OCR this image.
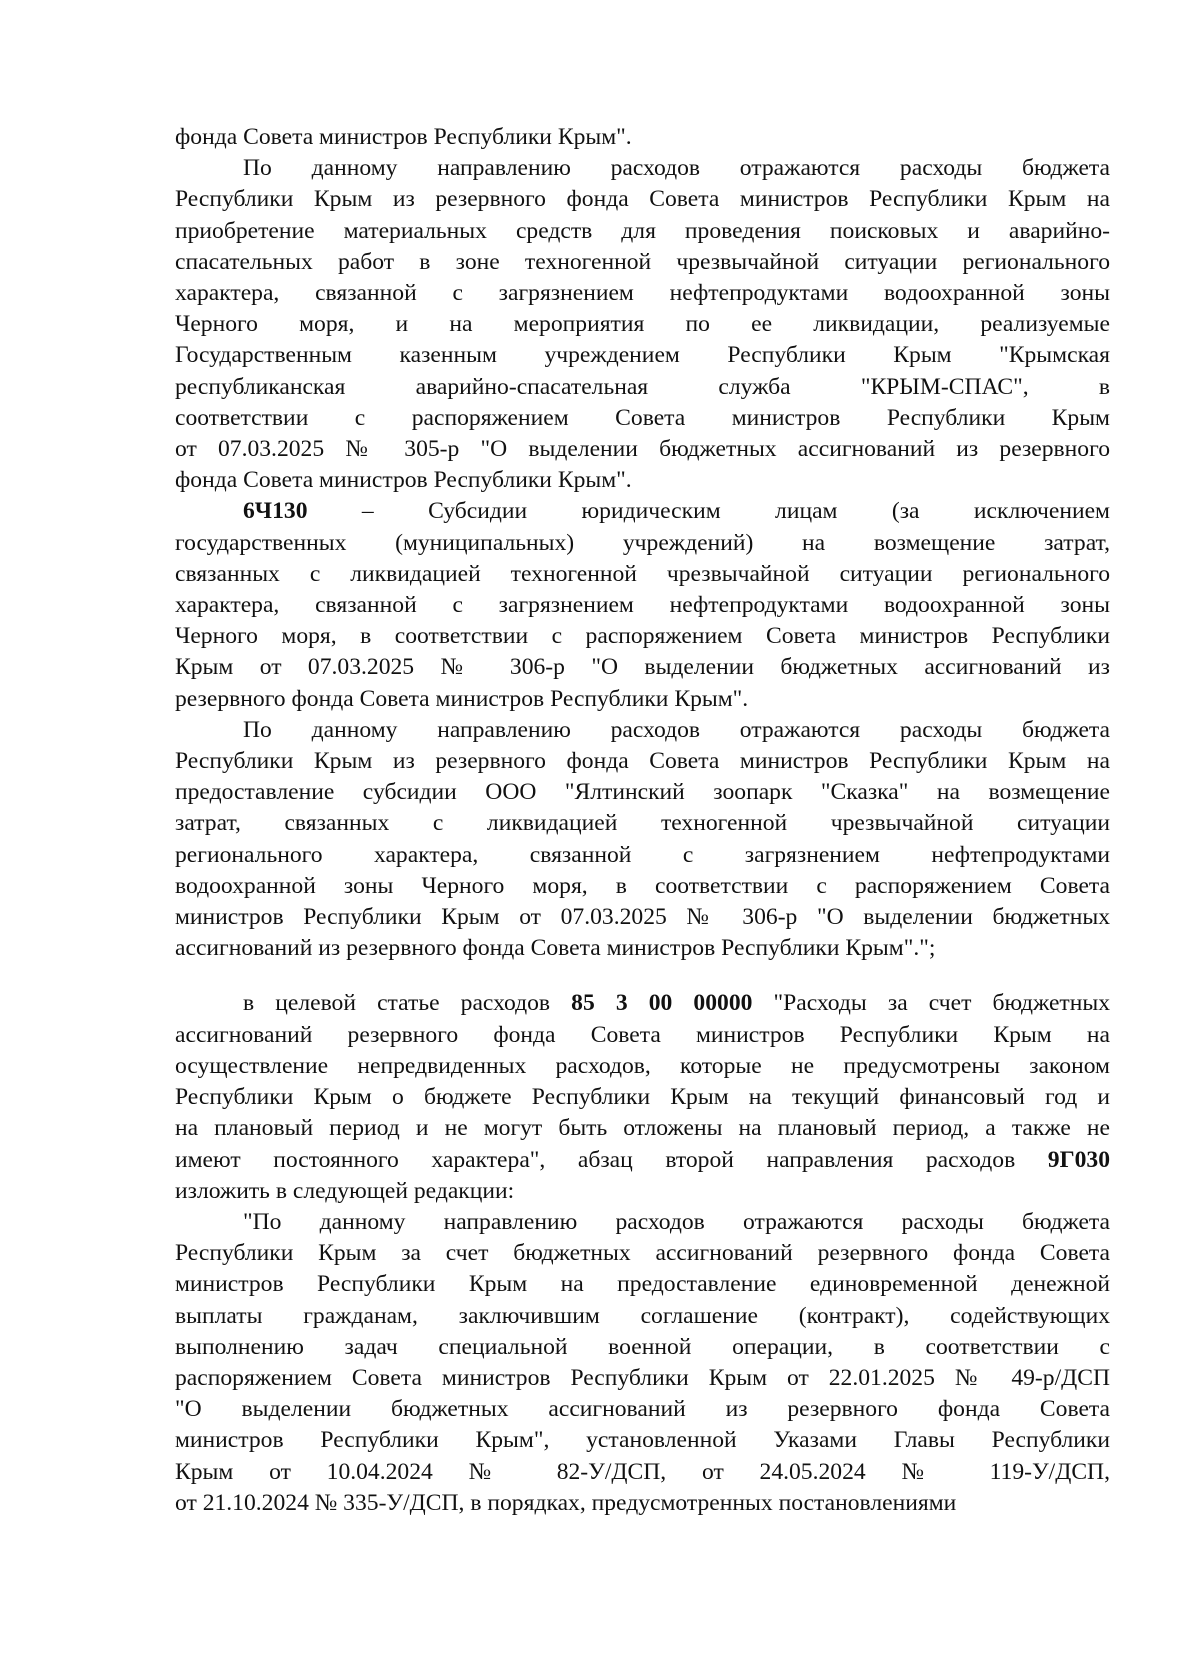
фонда Совета министров Республики Крым".
По данному направлению расходов отражаются расходы бюджета
Республики Крым из резервного фонда Совета министров Республики Крым на
приобретение материальных средств для проведения поисковых и аварийно-
спасательных работ в зоне техногенной чрезвычайной ситуации регионального
характера, связанной с загрязнением нефтепродуктами водоохранной зоны
Черного моря, и на мероприятия по ее ликвидации, реализуемые
Государственным казенным учреждением Республики Крым "Крымская
республиканская аварийно-спасательная служба "КРЫМ-СПАС", в
соответствии с распоряжением Совета министров Республики Крым
от 07.03.2025 № 305-р "О выделении бюджетных ассигнований из резервного
фонда Совета министров Республики Крым".
6Ч130 – Субсидии юридическим лицам (за исключением
государственных (муниципальных) учреждений) на возмещение затрат,
связанных с ликвидацией техногенной чрезвычайной ситуации регионального
характера, связанной с загрязнением нефтепродуктами водоохранной зоны
Черного моря, в соответствии с распоряжением Совета министров Республики
Крым от 07.03.2025 № 306-р "О выделении бюджетных ассигнований из
резервного фонда Совета министров Республики Крым".
По данному направлению расходов отражаются расходы бюджета
Республики Крым из резервного фонда Совета министров Республики Крым на
предоставление субсидии ООО "Ялтинский зоопарк "Сказка" на возмещение
затрат, связанных с ликвидацией техногенной чрезвычайной ситуации
регионального характера, связанной с загрязнением нефтепродуктами
водоохранной зоны Черного моря, в соответствии с распоряжением Совета
министров Республики Крым от 07.03.2025 № 306-р "О выделении бюджетных
ассигнований из резервного фонда Совета министров Республики Крым".";
в целевой статье расходов 85 3 00 00000 "Расходы за счет бюджетных
ассигнований резервного фонда Совета министров Республики Крым на
осуществление непредвиденных расходов, которые не предусмотрены законом
Республики Крым о бюджете Республики Крым на текущий финансовый год и
на плановый период и не могут быть отложены на плановый период, а также не
имеют постоянного характера", абзац второй направления расходов 9Г030
изложить в следующей редакции:
"По данному направлению расходов отражаются расходы бюджета
Республики Крым за счет бюджетных ассигнований резервного фонда Совета
министров Республики Крым на предоставление единовременной денежной
выплаты гражданам, заключившим соглашение (контракт), содействующих
выполнению задач специальной военной операции, в соответствии с
распоряжением Совета министров Республики Крым от 22.01.2025 № 49-р/ДСП
"О выделении бюджетных ассигнований из резервного фонда Совета
министров Республики Крым", установленной Указами Главы Республики
Крым от 10.04.2024 № 82-У/ДСП, от 24.05.2024 № 119-У/ДСП,
от 21.10.2024 № 335-У/ДСП, в порядках, предусмотренных постановлениями
